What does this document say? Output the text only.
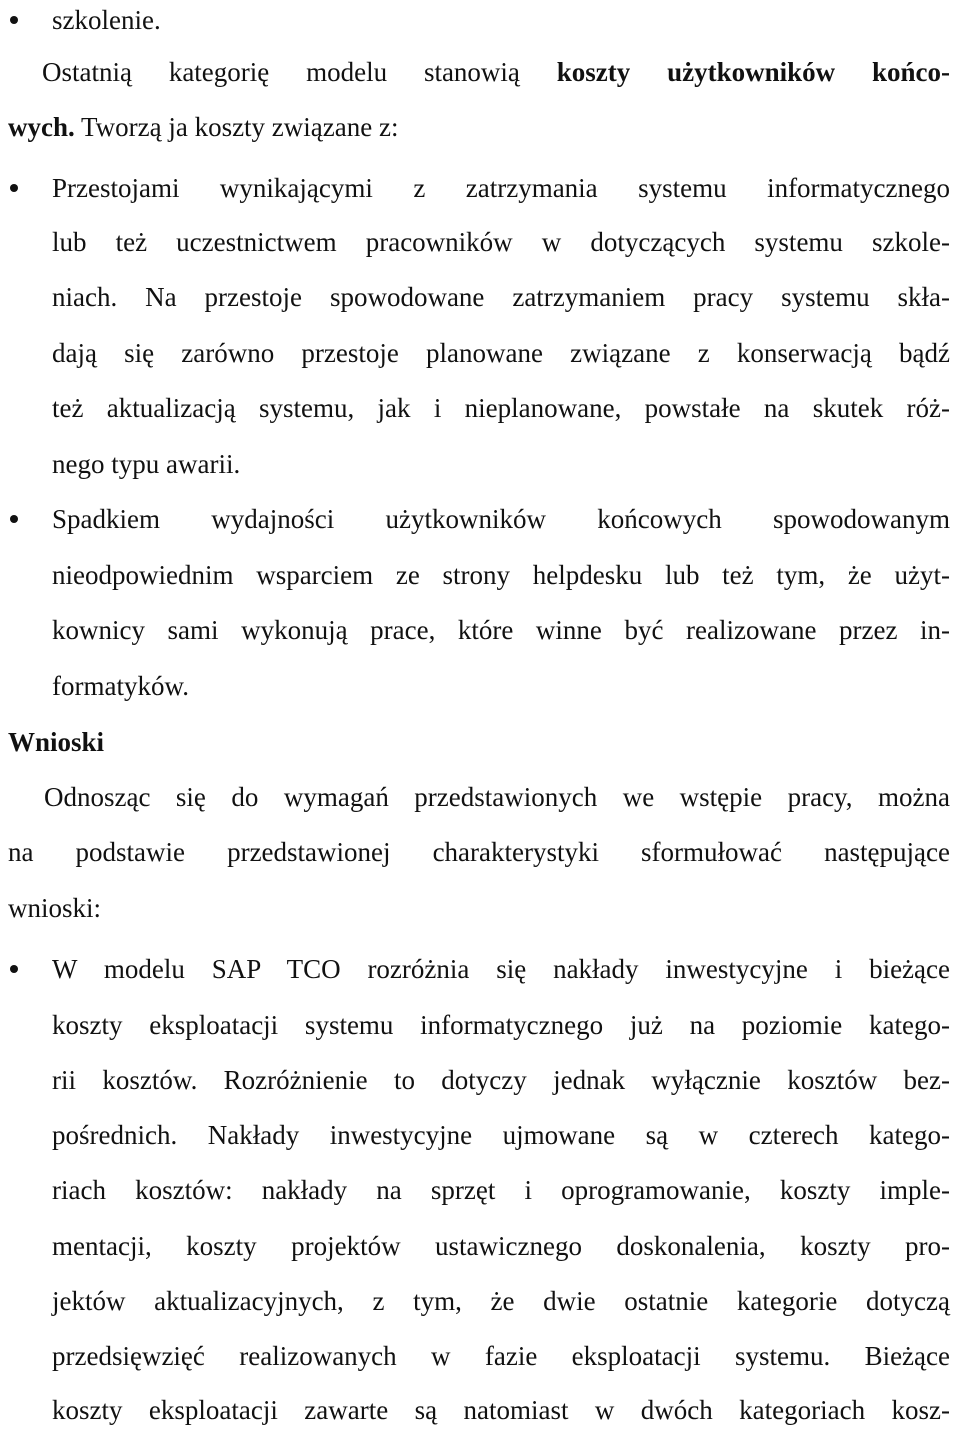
szkolenie.

Ostatnią kategorię modelu stanowią koszty użytkowników końco-

wych. Tworzą ja koszty związane z:

Przestojami wynikającymi z zatrzymania systemu informatycznego

lub też uczestnictwem pracowników w dotyczących systemu szkole-

niach. Na przestoje spowodowane zatrzymaniem pracy systemu skła-

dają się zarówno przestoje planowane związane z konserwacją bądź

też aktualizacją systemu, jak i nieplanowane, powstałe na skutek róż-

nego typu awarii.

Spadkiem wydajności użytkowników końcowych spowodowanym

nieodpowiednim wsparciem ze strony helpdesku lub też tym, że użyt-

kownicy sami wykonują prace, które winne być realizowane przez in-

formatyków.

Wnioski

Odnosząc się do wymagań przedstawionych we wstępie pracy, można

na podstawie przedstawionej charakterystyki sformułować następujące

wnioski:

W modelu SAP TCO rozróżnia się nakłady inwestycyjne i bieżące

koszty eksploatacji systemu informatycznego już na poziomie katego-

rii kosztów. Rozróżnienie to dotyczy jednak wyłącznie kosztów bez-

pośrednich. Nakłady inwestycyjne ujmowane są w czterech katego-

riach kosztów: nakłady na sprzęt i oprogramowanie, koszty imple-

mentacji, koszty projektów ustawicznego doskonalenia, koszty pro-

jektów aktualizacyjnych, z tym, że dwie ostatnie kategorie dotyczą

przedsięwzięć realizowanych w fazie eksploatacji systemu. Bieżące

koszty eksploatacji zawarte są natomiast w dwóch kategoriach kosz-
